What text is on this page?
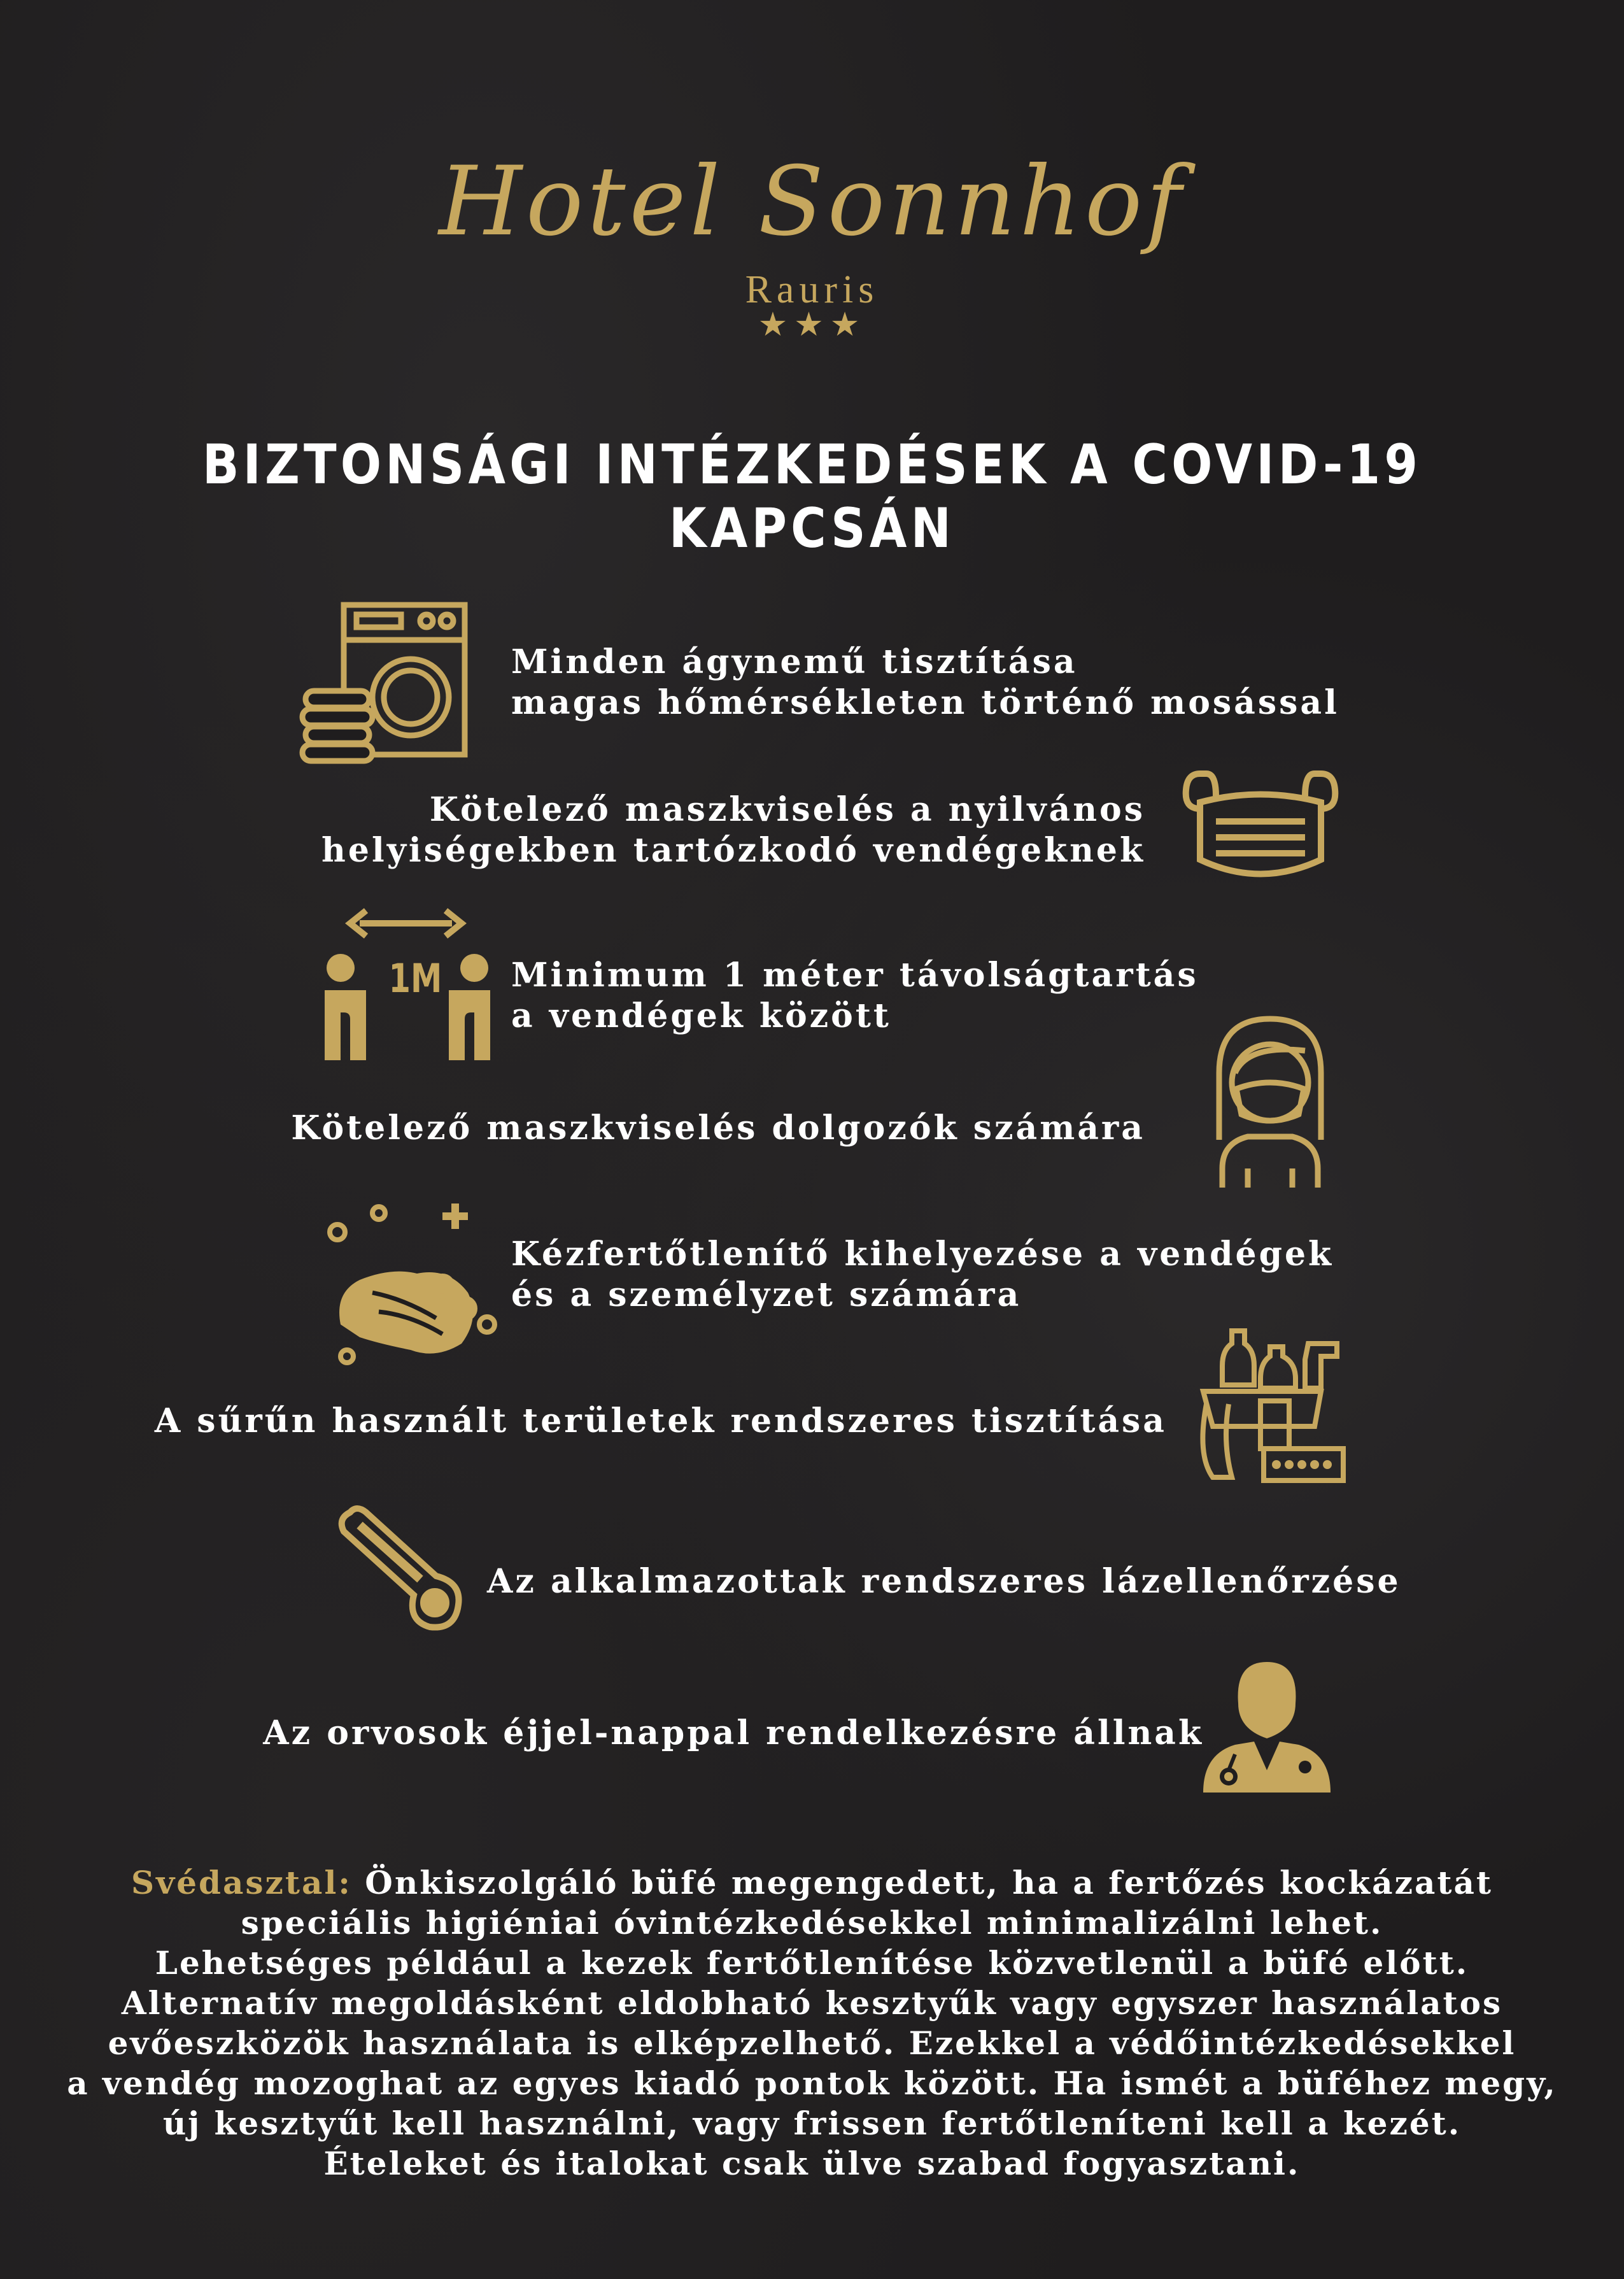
Hotel Sonnhof
Rauris
★★★
BIZTONSÁGI INTÉZKEDÉSEK A COVID-19 KAPCSÁN
Minden ágynemű tisztítása
magas hőmérsékleten történő mosással
Kötelező maszkviselés a nyilvános
helyiségekben tartózkodó vendégeknek
1M Minimum 1 méter távolságtartás
a vendégek között
Kötelező maszkviselés dolgozók számára
Kézfertőtlenítő kihelyezése a vendégek
és a személyzet számára
A sűrűn használt területek rendszeres tisztítása
Az alkalmazottak rendszeres lázellenőrzése
Az orvosok éjjel-nappal rendelkezésre állnak
Svédasztal: Önkiszolgáló büfé megengedett, ha a fertőzés kockázatát
speciális higiéniai óvintézkedésekkel minimalizálni lehet.
Lehetséges például a kezek fertőtlenítése közvetlenül a büfé előtt.
Alternatív megoldásként eldobható kesztyűk vagy egyszer használatos
evőeszközök használata is elképzelhető. Ezekkel a védőintézkedésekkel
a vendég mozoghat az egyes kiadó pontok között. Ha ismét a büféhez megy,
új kesztyűt kell használni, vagy frissen fertőtleníteni kell a kezét.
Ételeket és italokat csak ülve szabad fogyasztani.
